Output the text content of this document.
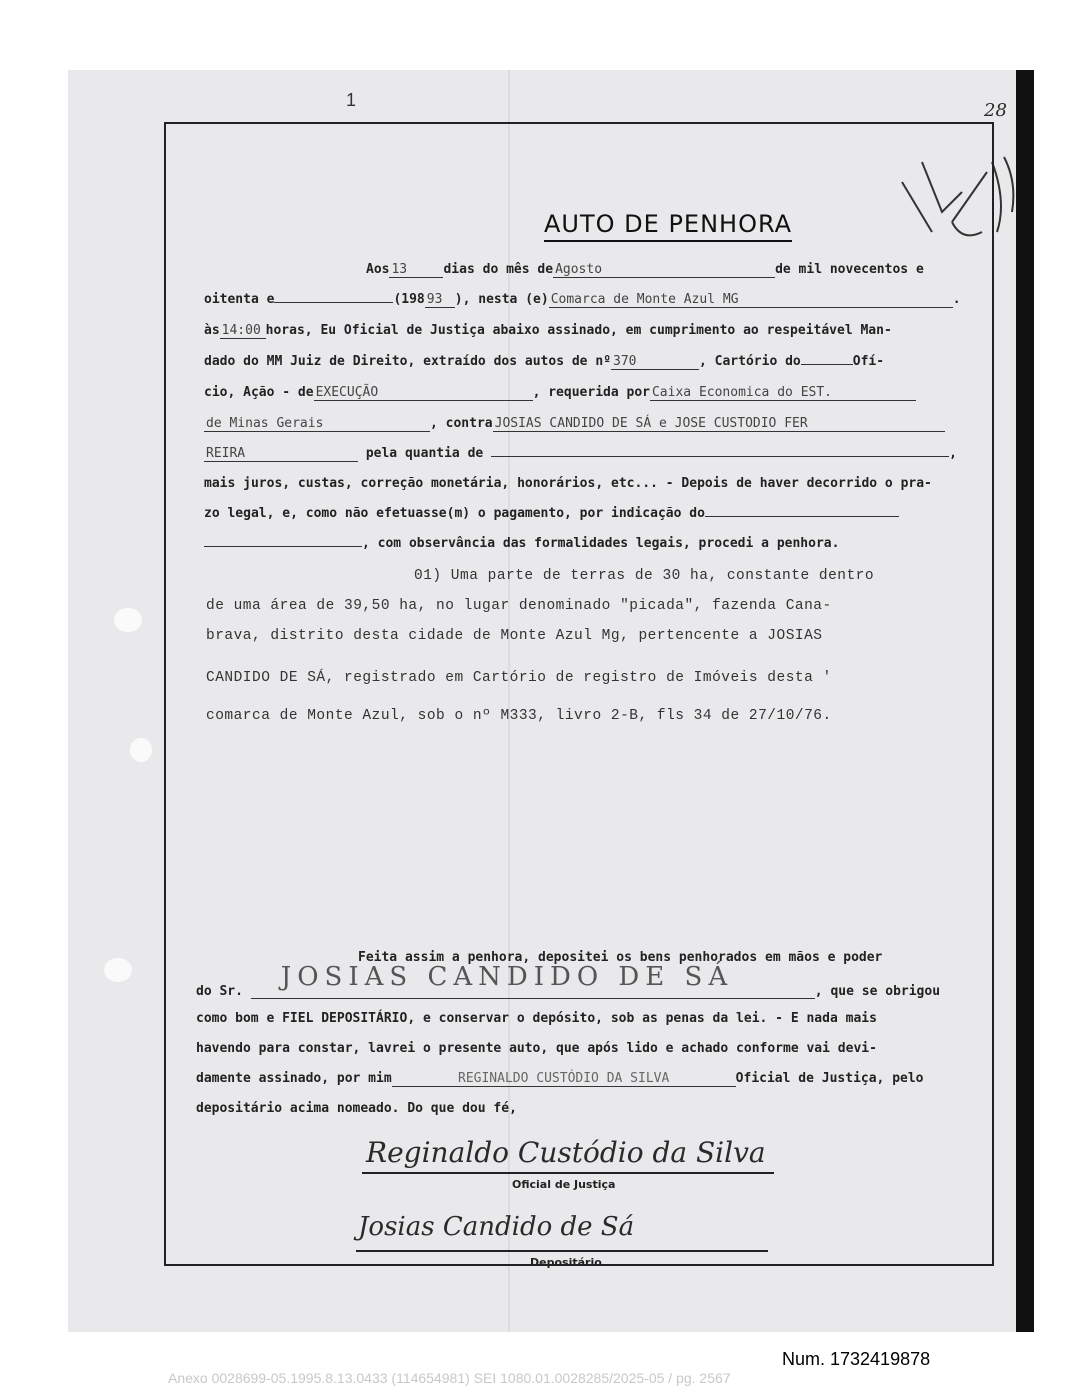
1	28
AUTO DE PENHORA
Aos 13	dias do mês de Agosto	de mil novecentos e
oitenta e	(198 93 ), nesta (e) Comarca de Monte Azul MG	.
às 14:00 horas, Eu Oficial de Justiça abaixo assinado, em cumprimento ao respeitável Man-
dado do MM Juiz de Direito, extraído dos autos de nº 370	, Cartório do	Ofí-
cio, Ação - de EXECUÇÃO	, requerida por Caixa Economica do EST.
de Minas Gerais	, contra JOSIAS CANDIDO DE SÁ e JOSE CUSTODIO FER
REIRA	pela quantia de	,
mais juros, custas, correção monetária, honorários, etc... - Depois de haver decorrido o pra-
zo legal, e, como não efetuasse(m) o pagamento, por indicação do
, com observância das formalidades legais, procedi a penhora.
01) Uma parte de terras de 30 ha, constante dentro
de uma área de 39,50 ha, no lugar denominado "picada", fazenda Cana-
brava, distrito desta cidade de Monte Azul Mg, pertencente a JOSIAS
CANDIDO DE SÁ, registrado em Cartório de registro de Imóveis desta '
comarca de Monte Azul, sob o nº M333, livro 2-B, fls 34 de 27/10/76.
Feita assim a penhora, depositei os bens penhorados em mãos e poder
do Sr. JOSIAS CANDIDO DE SÁ	, que se obrigou
como bom e FIEL DEPOSITÁRIO, e conservar o depósito, sob as penas da lei. - E nada mais
havendo para constar, lavrei o presente auto, que após lido e achado conforme vai devi-
damente assinado, por mim	REGINALDO CUSTÓDIO DA SILVA	Oficial de Justiça, pelo
depositário acima nomeado. Do que dou fé,
Reginaldo Custódio da Silva
Oficial de Justiça
Josias Candido de Sá
Depositário
Num. 1732419878
Anexo 0028699-05.1995.8.13.0433 (114654981) SEI 1080.01.0028285/2025-05 / pg. 2567
